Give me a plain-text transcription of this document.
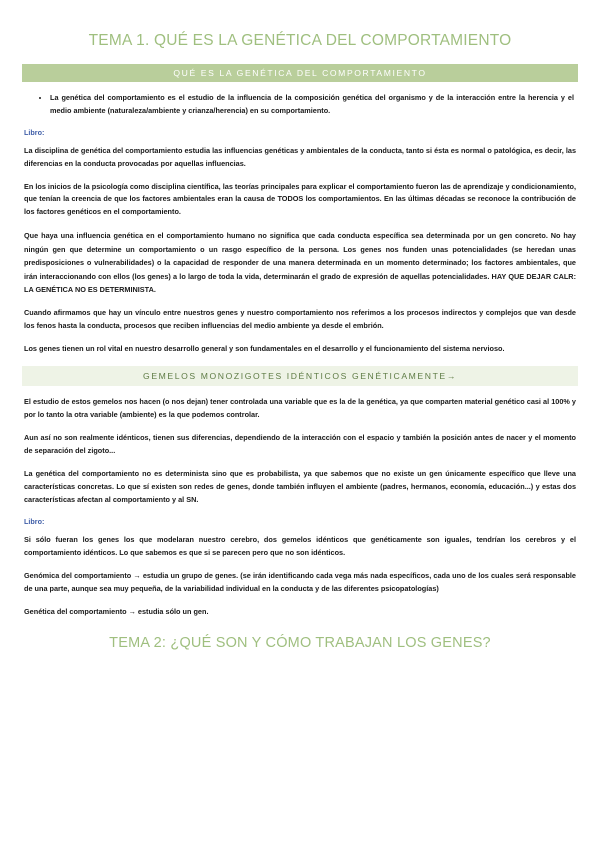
TEMA 1. QUÉ ES LA GENÉTICA DEL COMPORTAMIENTO
QUÉ ES LA GENÉTICA DEL COMPORTAMIENTO
• La genética del comportamiento es el estudio de la influencia de la composición genética del organismo y de la interacción entre la herencia y el medio ambiente (naturaleza/ambiente y crianza/herencia) en su comportamiento.
Libro:

La disciplina de genética del comportamiento estudia las influencias genéticas y ambientales de la conducta, tanto si ésta es normal o patológica, es decir, las diferencias en la conducta provocadas por aquellas influencias.

En los inicios de la psicología como disciplina científica, las teorías principales para explicar el comportamiento fueron las de aprendizaje y condicionamiento, que tenían la creencia de que los factores ambientales eran la causa de TODOS los comportamientos. En las últimas décadas se reconoce la contribución de los factores genéticos en el comportamiento.

Que haya una influencia genética en el comportamiento humano no significa que cada conducta específica sea determinada por un gen concreto. No hay ningún gen que determine un comportamiento o un rasgo específico de la persona. Los genes nos funden unas potencialidades (se heredan unas predisposiciones o vulnerabilidades) o la capacidad de responder de una manera determinada en un momento determinado; los factores ambientales, que irán interaccionando con ellos (los genes) a lo largo de toda la vida, determinarán el grado de expresión de aquellas potencialidades. HAY QUE DEJAR CALR: LA GENÉTICA NO ES DETERMINISTA.

Cuando afirmamos que hay un vínculo entre nuestros genes y nuestro comportamiento nos referimos a los procesos indirectos y complejos que van desde los fenos hasta la conducta, procesos que reciben influencias del medio ambiente ya desde el embrión.

Los genes tienen un rol vital en nuestro desarrollo general y son fundamentales en el desarrollo y el funcionamiento del sistema nervioso.

GEMELOS MONOZIGOTES IDÉNTICOS GENÉTICAMENTE→

El estudio de estos gemelos nos hacen (o nos dejan) tener controlada una variable que es la de la genética, ya que comparten material genético casi al 100% y por lo tanto la otra variable (ambiente) es la que podemos controlar.

Aun así no son realmente idénticos, tienen sus diferencias, dependiendo de la interacción con el espacio y también la posición antes de nacer y el momento de separación del zigoto...

La genética del comportamiento no es determinista sino que es probabilista, ya que sabemos que no existe un gen únicamente específico que lleve una características concretas. Lo que sí existen son redes de genes, donde también influyen el ambiente (padres, hermanos, economía, educación...) y estas dos características afectan al comportamiento y al SN.

Libro:

Si sólo fueran los genes los que modelaran nuestro cerebro, dos gemelos idénticos que genéticamente son iguales, tendrían los cerebros y el comportamiento idénticos. Lo que sabemos es que si se parecen pero que no son idénticos.

Genómica del comportamiento → estudia un grupo de genes. (se irán identificando cada vega más nada específicos, cada uno de los cuales será responsable de una parte, aunque sea muy pequeña, de la variabilidad individual en la conducta y de las diferentes psicopatologías)

Genética del comportamiento → estudia sólo un gen.

TEMA 2: ¿QUÉ SON Y CÓMO TRABAJAN LOS GENES?
